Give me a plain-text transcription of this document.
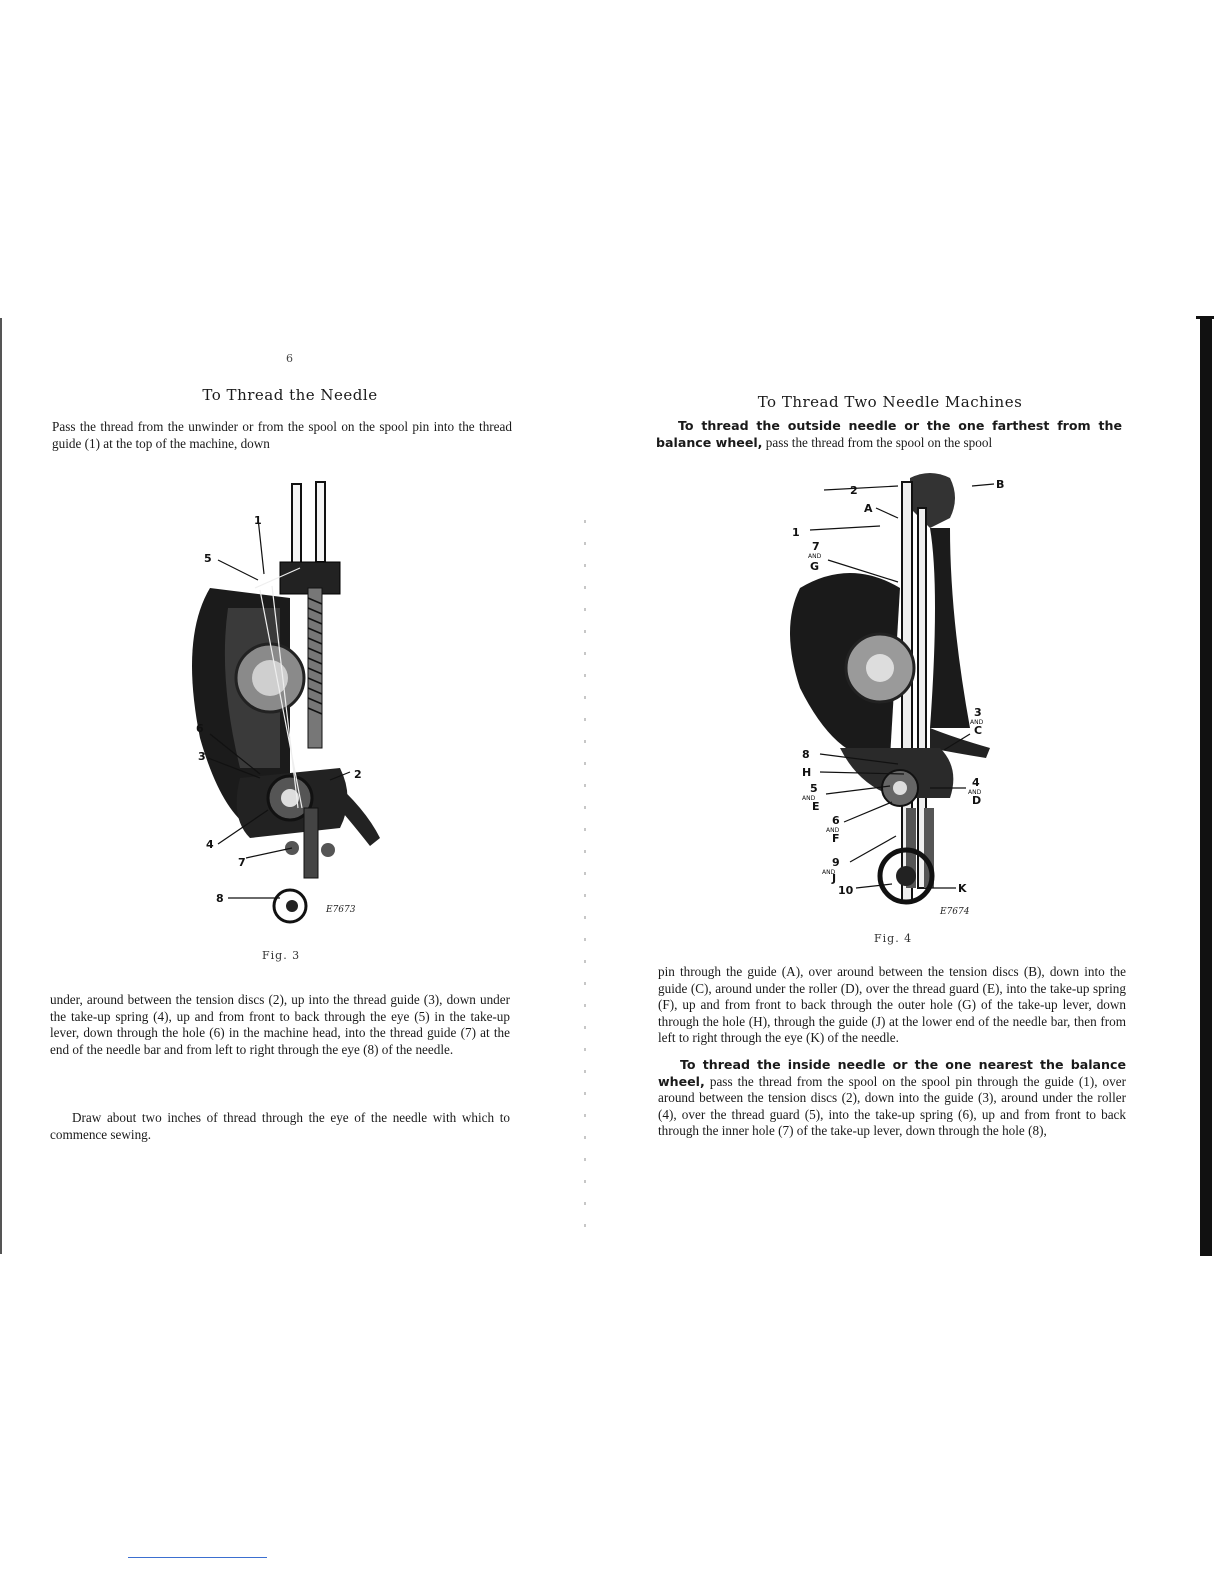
6
To Thread the Needle
Pass the thread from the unwinder or from the spool on the spool pin into the thread guide (1) at the top of the machine, down
1
5
6
3
2
4
7
8
E7673
Fig. 3
under, around between the tension discs (2), up into the thread guide (3), down under the take-up spring (4), up and from front to back through the eye (5) in the take-up lever, down through the hole (6) in the machine head, into the thread guide (7) at the end of the needle bar and from left to right through the eye (8) of the needle.
Draw about two inches of thread through the eye of the needle with which to commence sewing.
To Thread Two Needle Machines
To thread the outside needle or the one farthest from the balance wheel, pass the thread from the spool on the spool
2
A
1
7
AND
G
8
H
5
AND
E
6
AND
F
9
AND
J
10
B
3
AND
C
4
AND
D
K
E7674
Fig. 4
pin through the guide (A), over around between the tension discs (B), down into the guide (C), around under the roller (D), over the thread guard (E), into the take-up spring (F), up and from front to back through the outer hole (G) of the take-up lever, down through the hole (H), through the guide (J) at the lower end of the needle bar, then from left to right through the eye (K) of the needle.
To thread the inside needle or the one nearest the balance wheel, pass the thread from the spool on the spool pin through the guide (1), over around between the tension discs (2), down into the guide (3), around under the roller (4), over the thread guard (5), into the take-up spring (6), up and from front to back through the inner hole (7) of the take-up lever, down through the hole (8),
